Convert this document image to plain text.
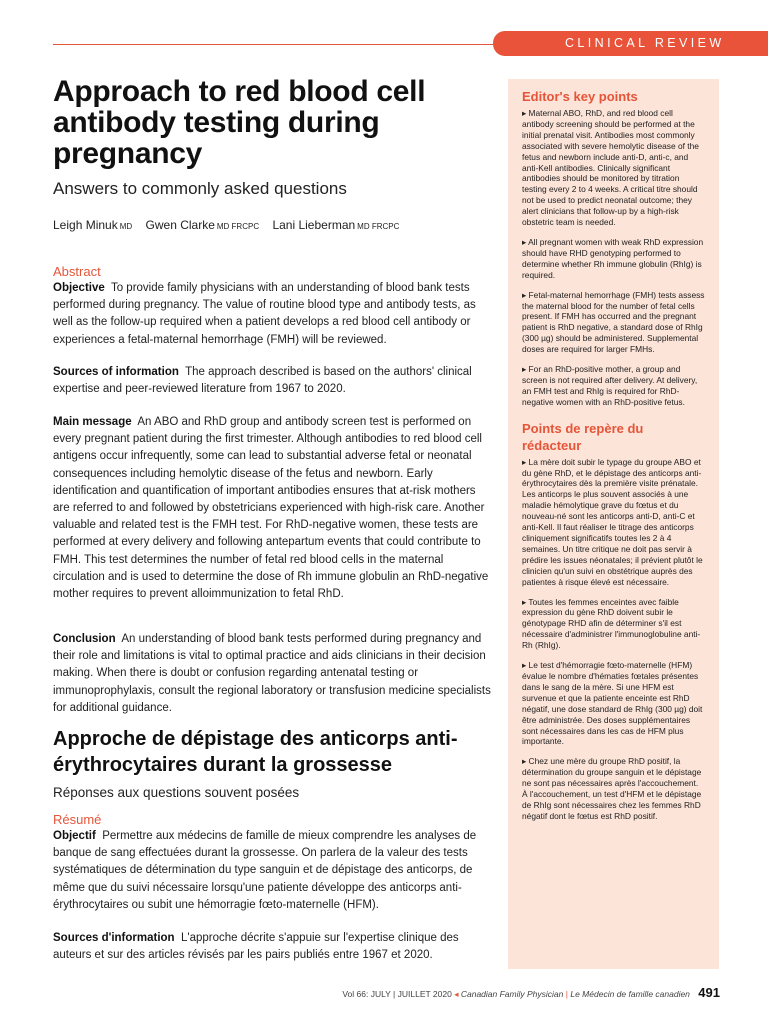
CLINICAL REVIEW
Approach to red blood cell antibody testing during pregnancy
Answers to commonly asked questions
Leigh Minuk MD Gwen Clarke MD FRCPC Lani Lieberman MD FRCPC
Abstract

Objective To provide family physicians with an understanding of blood bank tests performed during pregnancy. The value of routine blood type and antibody tests, as well as the follow-up required when a patient develops a red blood cell antibody or experiences a fetal-maternal hemorrhage (FMH) will be reviewed.

Sources of information The approach described is based on the authors' clinical expertise and peer-reviewed literature from 1967 to 2020.

Main message An ABO and RhD group and antibody screen test is performed on every pregnant patient during the first trimester. Although antibodies to red blood cell antigens occur infrequently, some can lead to substantial adverse fetal or neonatal consequences including hemolytic disease of the fetus and newborn. Early identification and quantification of important antibodies ensures that at-risk mothers are referred to and followed by obstetricians experienced with high-risk care. Another valuable and related test is the FMH test. For RhD-negative women, these tests are performed at every delivery and following antepartum events that could contribute to FMH. This test determines the number of fetal red blood cells in the maternal circulation and is used to determine the dose of Rh immune globulin an RhD-negative mother requires to prevent alloimmunization to fetal RhD.

Conclusion An understanding of blood bank tests performed during pregnancy and their role and limitations is vital to optimal practice and aids clinicians in their decision making. When there is doubt or confusion regarding antenatal testing or immunoprophylaxis, consult the regional laboratory or transfusion medicine specialists for additional guidance.

Approche de dépistage des anticorps anti-érythrocytaires durant la grossesse
Réponses aux questions souvent posées
Résumé

Objectif Permettre aux médecins de famille de mieux comprendre les analyses de banque de sang effectuées durant la grossesse. On parlera de la valeur des tests systématiques de détermination du type sanguin et de dépistage des anticorps, de même que du suivi nécessaire lorsqu'une patiente développe des anticorps anti-érythrocytaires ou subit une hémorragie fœto-maternelle (HFM).

Sources d'information L'approche décrite s'appuie sur l'expertise clinique des auteurs et sur des articles révisés par les pairs publiés entre 1967 et 2020.

Editor's key points

▸ Maternal ABO, RhD, and red blood cell antibody screening should be performed at the initial prenatal visit. Antibodies most commonly associated with severe hemolytic disease of the fetus and newborn include anti-D, anti-c, and anti-Kell antibodies. Clinically significant antibodies should be monitored by titration testing every 2 to 4 weeks. A critical titre should not be used to predict neonatal outcome; they alert clinicians that follow-up by a high-risk obstetric team is needed.

▸ All pregnant women with weak RhD expression should have RHD genotyping performed to determine whether Rh immune globulin (RhIg) is required.

▸ Fetal-maternal hemorrhage (FMH) tests assess the maternal blood for the number of fetal cells present. If FMH has occurred and the pregnant patient is RhD negative, a standard dose of RhIg (300 µg) should be administered. Supplemental doses are required for larger FMHs.

▸ For an RhD-positive mother, a group and screen is not required after delivery. At delivery, an FMH test and RhIg is required for RhD-negative women with an RhD-positive fetus.

Points de repère du rédacteur

▸ La mère doit subir le typage du groupe ABO et du gène RhD, et le dépistage des anticorps anti-érythrocytaires dès la première visite prénatale. Les anticorps le plus souvent associés à une maladie hémolytique grave du fœtus et du nouveau-né sont les anticorps anti-D, anti-C et anti-Kell. Il faut réaliser le titrage des anticorps cliniquement significatifs toutes les 2 à 4 semaines. Un titre critique ne doit pas servir à prédire les issues néonatales; il prévient plutôt le clinicien qu'un suivi en obstétrique auprès des patientes à risque élevé est nécessaire.

▸ Toutes les femmes enceintes avec faible expression du gène RhD doivent subir le génotypage RHD afin de déterminer s'il est nécessaire d'administrer l'immunoglobuline anti-Rh (RhIg).

▸ Le test d'hémorragie fœto-maternelle (HFM) évalue le nombre d'hématies fœtales présentes dans le sang de la mère. Si une HFM est survenue et que la patiente enceinte est RhD négatif, une dose standard de RhIg (300 µg) doit être administrée. Des doses supplémentaires sont nécessaires dans les cas de HFM plus importante.

▸ Chez une mère du groupe RhD positif, la détermination du groupe sanguin et le dépistage ne sont pas nécessaires après l'accouchement. À l'accouchement, un test d'HFM et le dépistage de RhIg sont nécessaires chez les femmes RhD négatif dont le fœtus est RhD positif.

Vol 66: JULY | JUILLET 2020 ◂ Canadian Family Physician | Le Médecin de famille canadien 491
